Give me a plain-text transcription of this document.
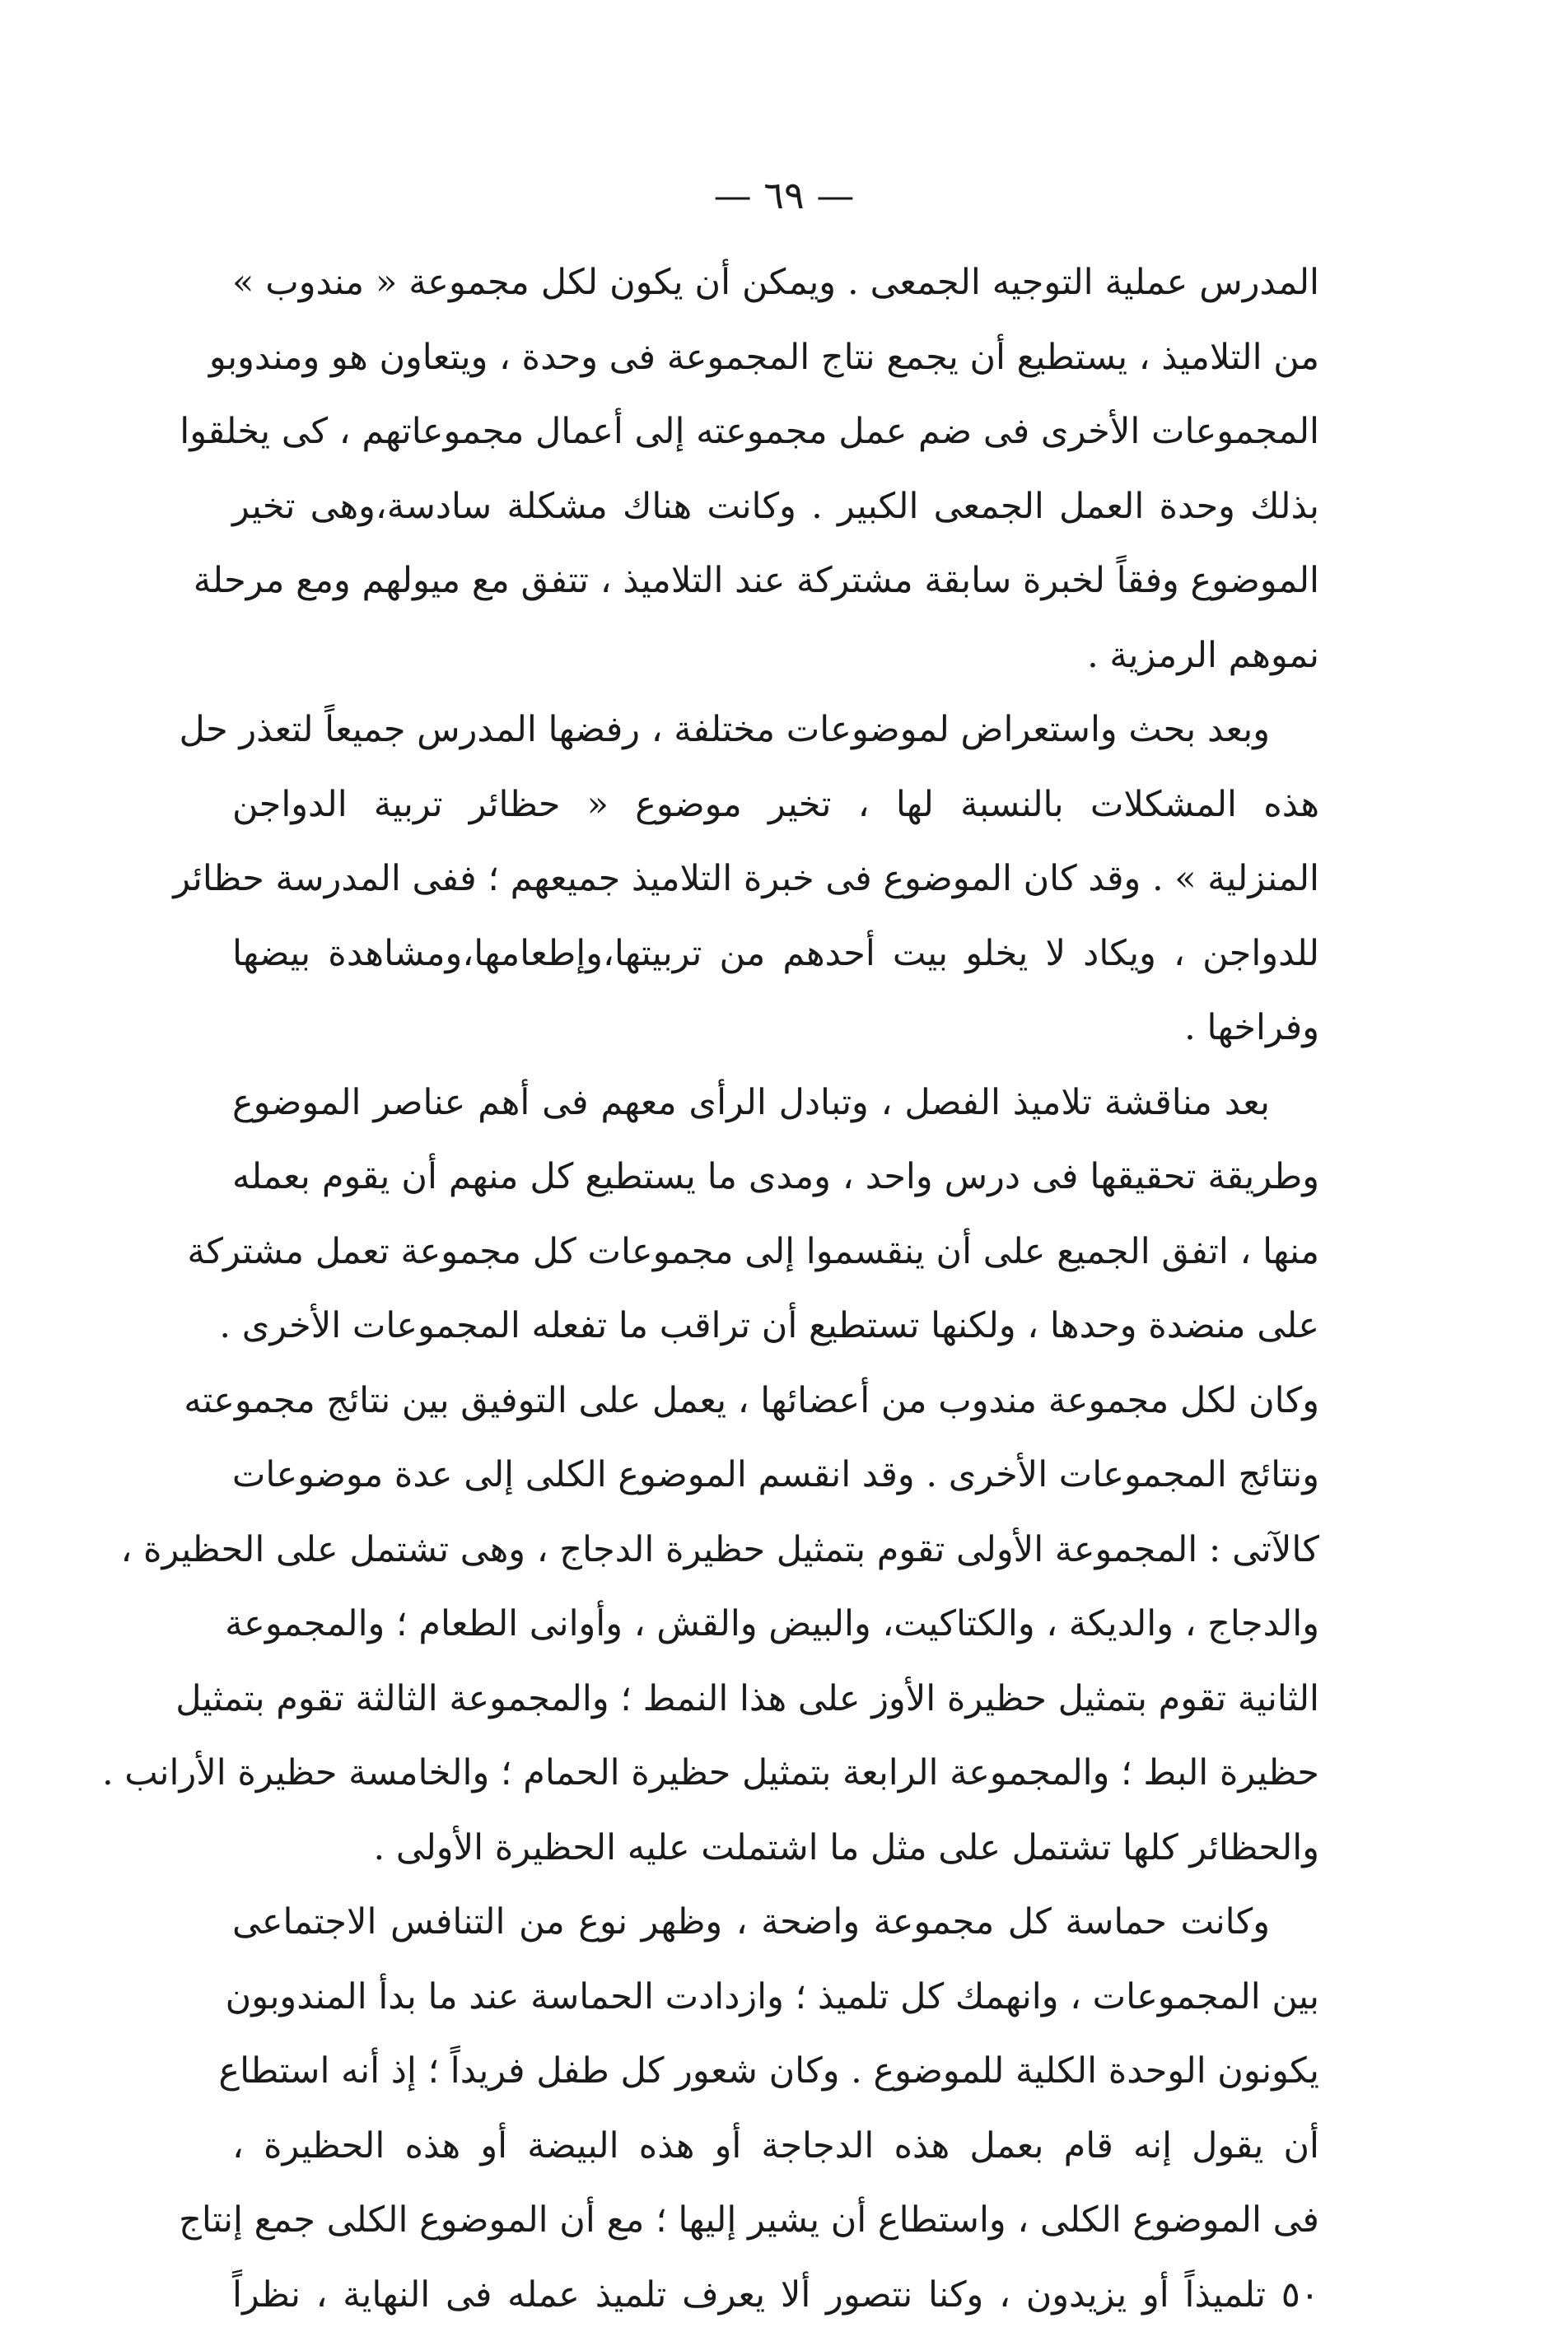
— ٦٩ —
المدرس عملية التوجيه الجمعى . ويمكن أن يكون لكل مجموعة « مندوب »
من التلاميذ ، يستطيع أن يجمع نتاج المجموعة فى وحدة ، ويتعاون هو ومندوبو
المجموعات الأخرى فى ضم عمل مجموعته إلى أعمال مجموعاتهم ، كى يخلقوا
بذلك وحدة العمل الجمعى الكبير . وكانت هناك مشكلة سادسة،وهى تخير
الموضوع وفقاً لخبرة سابقة مشتركة عند التلاميذ ، تتفق مع ميولهم ومع مرحلة
نموهم الرمزية .
وبعد بحث واستعراض لموضوعات مختلفة ، رفضها المدرس جميعاً لتعذر حل
هذه المشكلات بالنسبة لها ، تخير موضوع « حظائر تربية الدواجن
المنزلية » . وقد كان الموضوع فى خبرة التلاميذ جميعهم ؛ ففى المدرسة حظائر
للدواجن ، ويكاد لا يخلو بيت أحدهم من تربيتها،وإطعامها،ومشاهدة بيضها
وفراخها .
بعد مناقشة تلاميذ الفصل ، وتبادل الرأى معهم فى أهم عناصر الموضوع
وطريقة تحقيقها فى درس واحد ، ومدى ما يستطيع كل منهم أن يقوم بعمله
منها ، اتفق الجميع على أن ينقسموا إلى مجموعات كل مجموعة تعمل مشتركة
على منضدة وحدها ، ولكنها تستطيع أن تراقب ما تفعله المجموعات الأخرى .
وكان لكل مجموعة مندوب من أعضائها ، يعمل على التوفيق بين نتائج مجموعته
ونتائج المجموعات الأخرى . وقد انقسم الموضوع الكلى إلى عدة موضوعات
كالآتى : المجموعة الأولى تقوم بتمثيل حظيرة الدجاج ، وهى تشتمل على الحظيرة ،
والدجاج ، والديكة ، والكتاكيت، والبيض والقش ، وأوانى الطعام ؛ والمجموعة
الثانية تقوم بتمثيل حظيرة الأوز على هذا النمط ؛ والمجموعة الثالثة تقوم بتمثيل
حظيرة البط ؛ والمجموعة الرابعة بتمثيل حظيرة الحمام ؛ والخامسة حظيرة الأرانب .
والحظائر كلها تشتمل على مثل ما اشتملت عليه الحظيرة الأولى .
وكانت حماسة كل مجموعة واضحة ، وظهر نوع من التنافس الاجتماعى
بين المجموعات ، وانهمك كل تلميذ ؛ وازدادت الحماسة عند ما بدأ المندوبون
يكونون الوحدة الكلية للموضوع . وكان شعور كل طفل فريداً ؛ إذ أنه استطاع
أن يقول إنه قام بعمل هذه الدجاجة أو هذه البيضة أو هذه الحظيرة ،
فى الموضوع الكلى ، واستطاع أن يشير إليها ؛ مع أن الموضوع الكلى جمع إنتاج
٥٠ تلميذاً أو يزيدون ، وكنا نتصور ألا يعرف تلميذ عمله فى النهاية ، نظراً
